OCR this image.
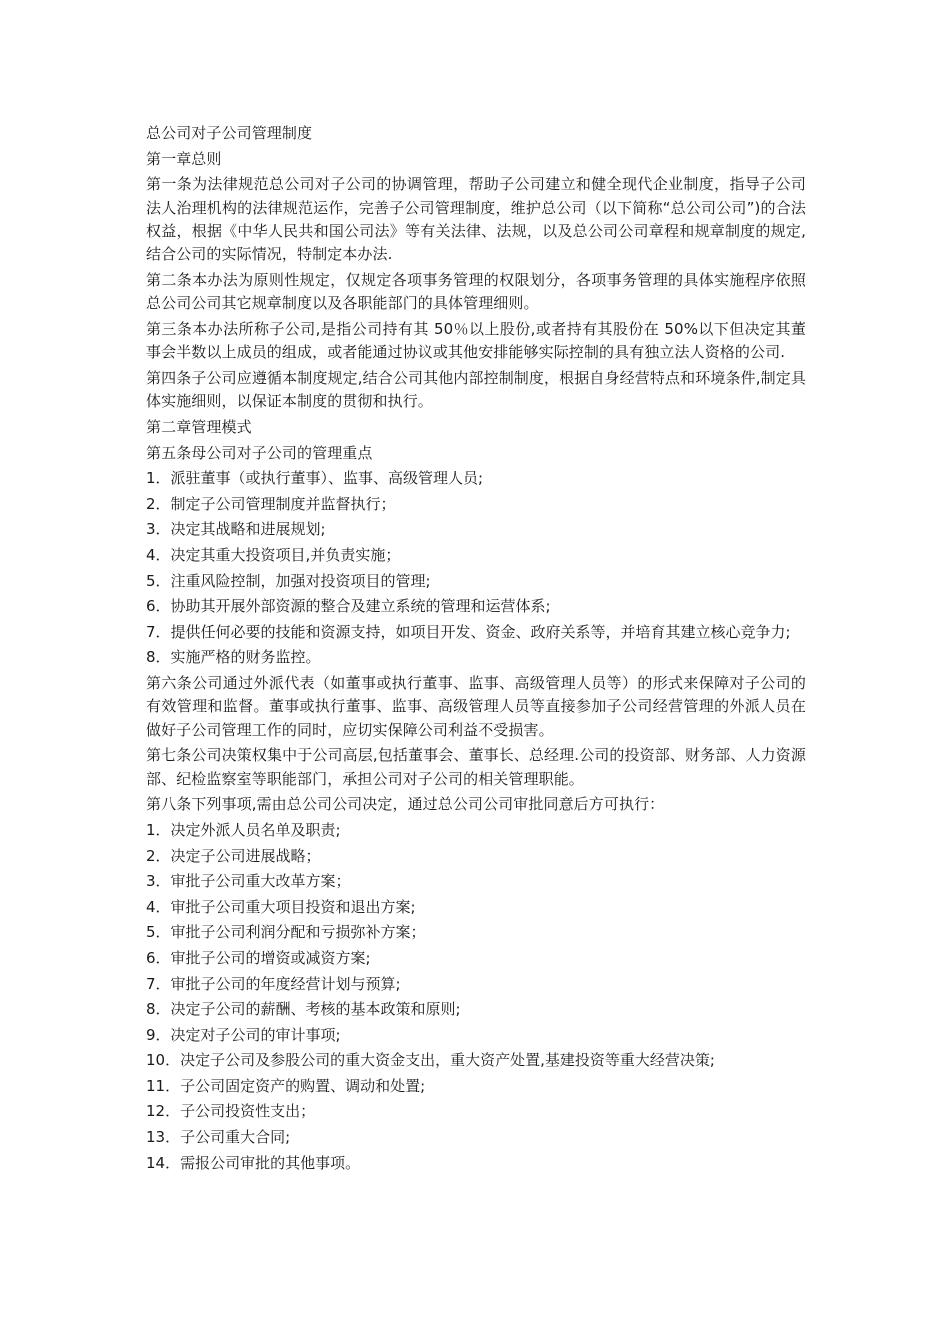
总公司对子公司管理制度

第一章总则

第一条为法律规范总公司对子公司的协调管理，帮助子公司建立和健全现代企业制度，指导子公司法人治理机构的法律规范运作，完善子公司管理制度，维护总公司（以下简称“总公司公司”)的合法权益，根据《中华人民共和国公司法》等有关法律、法规，以及总公司公司章程和规章制度的规定,结合公司的实际情况，特制定本办法.

第二条本办法为原则性规定，仅规定各项事务管理的权限划分，各项事务管理的具体实施程序依照总公司公司其它规章制度以及各职能部门的具体管理细则。

第三条本办法所称子公司,是指公司持有其 50％以上股份,或者持有其股份在 50%以下但决定其董事会半数以上成员的组成，或者能通过协议或其他安排能够实际控制的具有独立法人资格的公司.

第四条子公司应遵循本制度规定,结合公司其他内部控制制度，根据自身经营特点和环境条件,制定具体实施细则，以保证本制度的贯彻和执行。

第二章管理模式

第五条母公司对子公司的管理重点

1．派驻董事（或执行董事）、监事、高级管理人员;

2．制定子公司管理制度并监督执行；

3．决定其战略和进展规划;

4．决定其重大投资项目,并负责实施；

5．注重风险控制，加强对投资项目的管理;

6．协助其开展外部资源的整合及建立系统的管理和运营体系;

7．提供任何必要的技能和资源支持，如项目开发、资金、政府关系等，并培育其建立核心竞争力;

8．实施严格的财务监控。

第六条公司通过外派代表（如董事或执行董事、监事、高级管理人员等）的形式来保障对子公司的有效管理和监督。董事或执行董事、监事、高级管理人员等直接参加子公司经营管理的外派人员在做好子公司管理工作的同时，应切实保障公司利益不受损害。

第七条公司决策权集中于公司高层,包括董事会、董事长、总经理.公司的投资部、财务部、人力资源部、纪检监察室等职能部门，承担公司对子公司的相关管理职能。

第八条下列事项,需由总公司公司决定，通过总公司公司审批同意后方可执行：

1．决定外派人员名单及职责;

2．决定子公司进展战略；

3．审批子公司重大改革方案；

4．审批子公司重大项目投资和退出方案;

5．审批子公司利润分配和亏损弥补方案；

6．审批子公司的增资或减资方案;

7．审批子公司的年度经营计划与预算;

8．决定子公司的薪酬、考核的基本政策和原则;

9．决定对子公司的审计事项;

10．决定子公司及参股公司的重大资金支出，重大资产处置,基建投资等重大经营决策;

11．子公司固定资产的购置、调动和处置;

12．子公司投资性支出；

13．子公司重大合同;

14．需报公司审批的其他事项。
